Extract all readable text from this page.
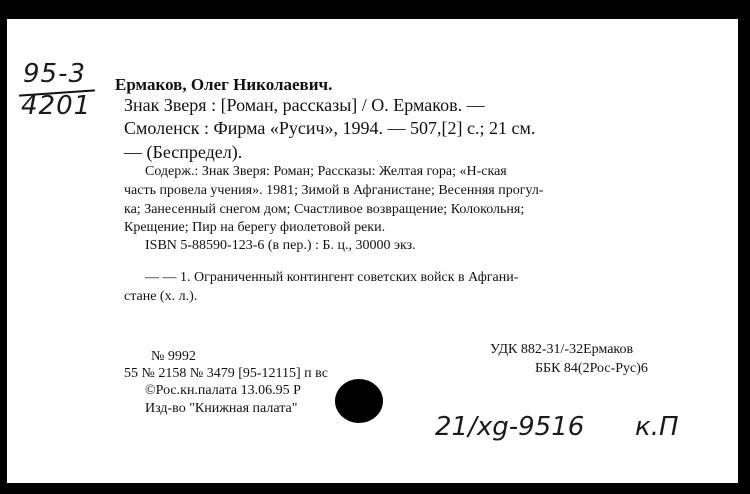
95-3
4201
Ермаков, Олег Николаевич.
Знак Зверя : [Роман, рассказы] / О. Ермаков. —
Смоленск : Фирма «Русич», 1994. — 507,[2] с.; 21 см.
— (Беспредел).
Содерж.: Знак Зверя: Роман; Рассказы: Желтая гора; «Н-ская
часть провела учения». 1981; Зимой в Афганистане; Весенняя прогул-
ка; Занесенный снегом дом; Счастливое возвращение; Колокольня;
Крещение; Пир на берегу фиолетовой реки.
ISBN 5-88590-123-6 (в пер.) : Б. ц., 30000 экз.
— — 1. Ограниченный контингент советских войск в Афгани-
стане (х. л.).
№ 9992
55 № 2158 № 3479 [95-12115] п вс
©Рос.кн.палата 13.06.95 Р
Изд-во "Книжная палата"
УДК 882-31/-32Ермаков
ББК 84(2Рос-Рус)6
21/xg-9516 к.П
